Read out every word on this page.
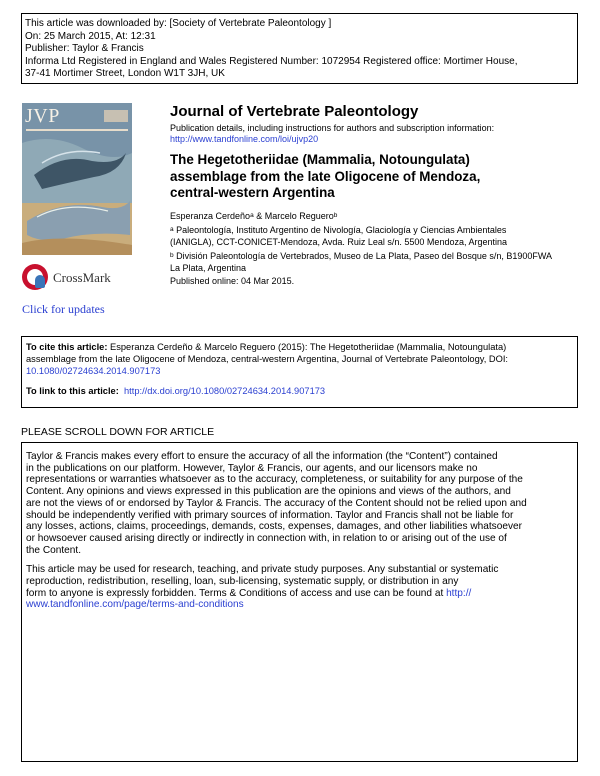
This article was downloaded by: [Society of Vertebrate Paleontology ]
On: 25 March 2015, At: 12:31
Publisher: Taylor & Francis
Informa Ltd Registered in England and Wales Registered Number: 1072954 Registered office: Mortimer House,
37-41 Mortimer Street, London W1T 3JH, UK
JVP
CrossMark
Click for updates
Journal of Vertebrate Paleontology
Publication details, including instructions for authors and subscription information:
http://www.tandfonline.com/loi/ujvp20
The Hegetotheriidae (Mammalia, Notoungulata)
assemblage from the late Oligocene of Mendoza,
central-western Argentina
Esperanza Cerdeño$^a$ & Marcelo Reguero$^b$
$^a$ Paleontología, Instituto Argentino de Nivología, Glaciología y Ciencias Ambientales
(IANIGLA), CCT-CONICET-Mendoza, Avda. Ruiz Leal s/n. 5500 Mendoza, Argentina
$^b$ División Paleontología de Vertebrados, Museo de La Plata, Paseo del Bosque s/n, B1900FWA
La Plata, Argentina
Published online: 04 Mar 2015.
To cite this article: Esperanza Cerdeño & Marcelo Reguero (2015): The Hegetotheriidae (Mammalia, Notoungulata)
assemblage from the late Oligocene of Mendoza, central-western Argentina, Journal of Vertebrate Paleontology, DOI:
10.1080/02724634.2014.907173
To link to this article: http://dx.doi.org/10.1080/02724634.2014.907173
PLEASE SCROLL DOWN FOR ARTICLE
Taylor & Francis makes every effort to ensure the accuracy of all the information (the “Content”) contained
in the publications on our platform. However, Taylor & Francis, our agents, and our licensors make no
representations or warranties whatsoever as to the accuracy, completeness, or suitability for any purpose of the
Content. Any opinions and views expressed in this publication are the opinions and views of the authors, and
are not the views of or endorsed by Taylor & Francis. The accuracy of the Content should not be relied upon and
should be independently verified with primary sources of information. Taylor and Francis shall not be liable for
any losses, actions, claims, proceedings, demands, costs, expenses, damages, and other liabilities whatsoever
or howsoever caused arising directly or indirectly in connection with, in relation to or arising out of the use of
the Content.
This article may be used for research, teaching, and private study purposes. Any substantial or systematic
reproduction, redistribution, reselling, loan, sub-licensing, systematic supply, or distribution in any
form to anyone is expressly forbidden. Terms & Conditions of access and use can be found at http://
www.tandfonline.com/page/terms-and-conditions
